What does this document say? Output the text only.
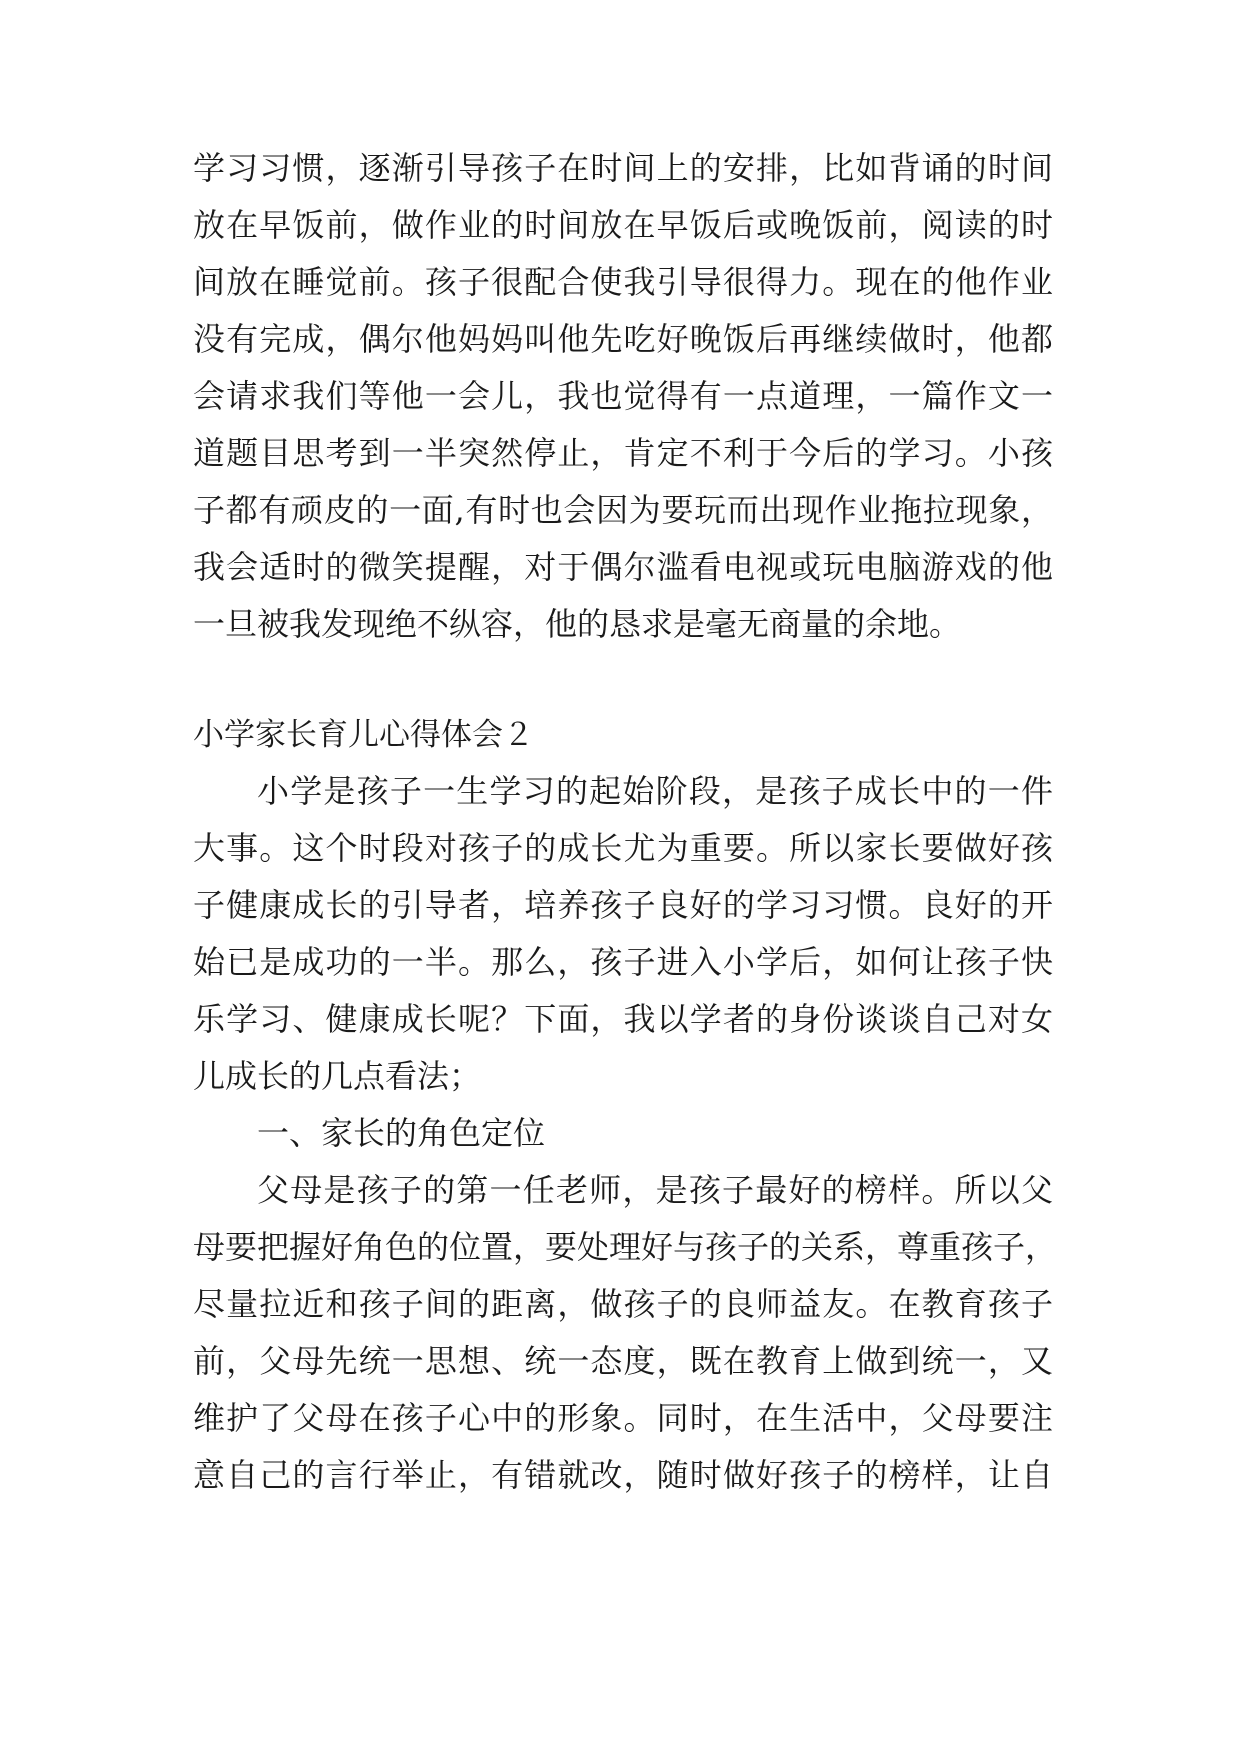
学习习惯，逐渐引导孩子在时间上的安排，比如背诵的时间
放在早饭前，做作业的时间放在早饭后或晚饭前，阅读的时
间放在睡觉前。孩子很配合使我引导很得力。现在的他作业
没有完成，偶尔他妈妈叫他先吃好晚饭后再继续做时，他都
会请求我们等他一会儿，我也觉得有一点道理，一篇作文一
道题目思考到一半突然停止，肯定不利于今后的学习。小孩
子都有顽皮的一面,有时也会因为要玩而出现作业拖拉现象，
我会适时的微笑提醒，对于偶尔滥看电视或玩电脑游戏的他
一旦被我发现绝不纵容，他的恳求是毫无商量的余地。
小学家长育儿心得体会２
小学是孩子一生学习的起始阶段，是孩子成长中的一件
大事。这个时段对孩子的成长尤为重要。所以家长要做好孩
子健康成长的引导者，培养孩子良好的学习习惯。良好的开
始已是成功的一半。那么，孩子进入小学后，如何让孩子快
乐学习、健康成长呢？下面，我以学者的身份谈谈自己对女
儿成长的几点看法；
一、家长的角色定位
父母是孩子的第一任老师，是孩子最好的榜样。所以父
母要把握好角色的位置，要处理好与孩子的关系，尊重孩子，
尽量拉近和孩子间的距离，做孩子的良师益友。在教育孩子
前，父母先统一思想、统一态度，既在教育上做到统一，又
维护了父母在孩子心中的形象。同时，在生活中，父母要注
意自己的言行举止，有错就改，随时做好孩子的榜样，让自
